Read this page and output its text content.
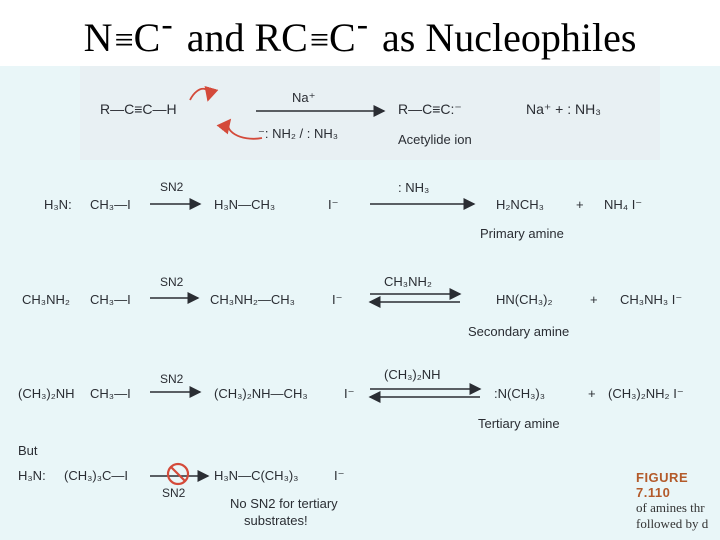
N≡ C- and RC≡ C- as Nucleophiles
R—C≡C—H
Na⁺
⁻: NH₂ / : NH₃
R—C≡C:⁻	Na⁺ + : NH₃
Acetylide ion
H₃N: CH₃—I
SN2
H₃N—CH₃	I⁻
: NH₃
H₂NCH₃ + NH₄ I⁻
Primary amine
CH₃NH₂ CH₃—I
SN2
CH₃NH₂—CH₃	I⁻
CH₃NH₂
HN(CH₃)₂	+ CH₃NH₃ I⁻
Secondary amine
(CH₃)₂NH CH₃—I
SN2
(CH₃)₂NH—CH₃	I⁻
(CH₃)₂NH
:N(CH₃)₃	+ (CH₃)₂NH₂ I⁻
Tertiary amine
But
H₃N: (CH₃)₃C—I
SN2
H₃N—C(CH₃)₃	I⁻
No SN2 for tertiary
substrates!
FIGURE 7.110
of amines thr
followed by d
